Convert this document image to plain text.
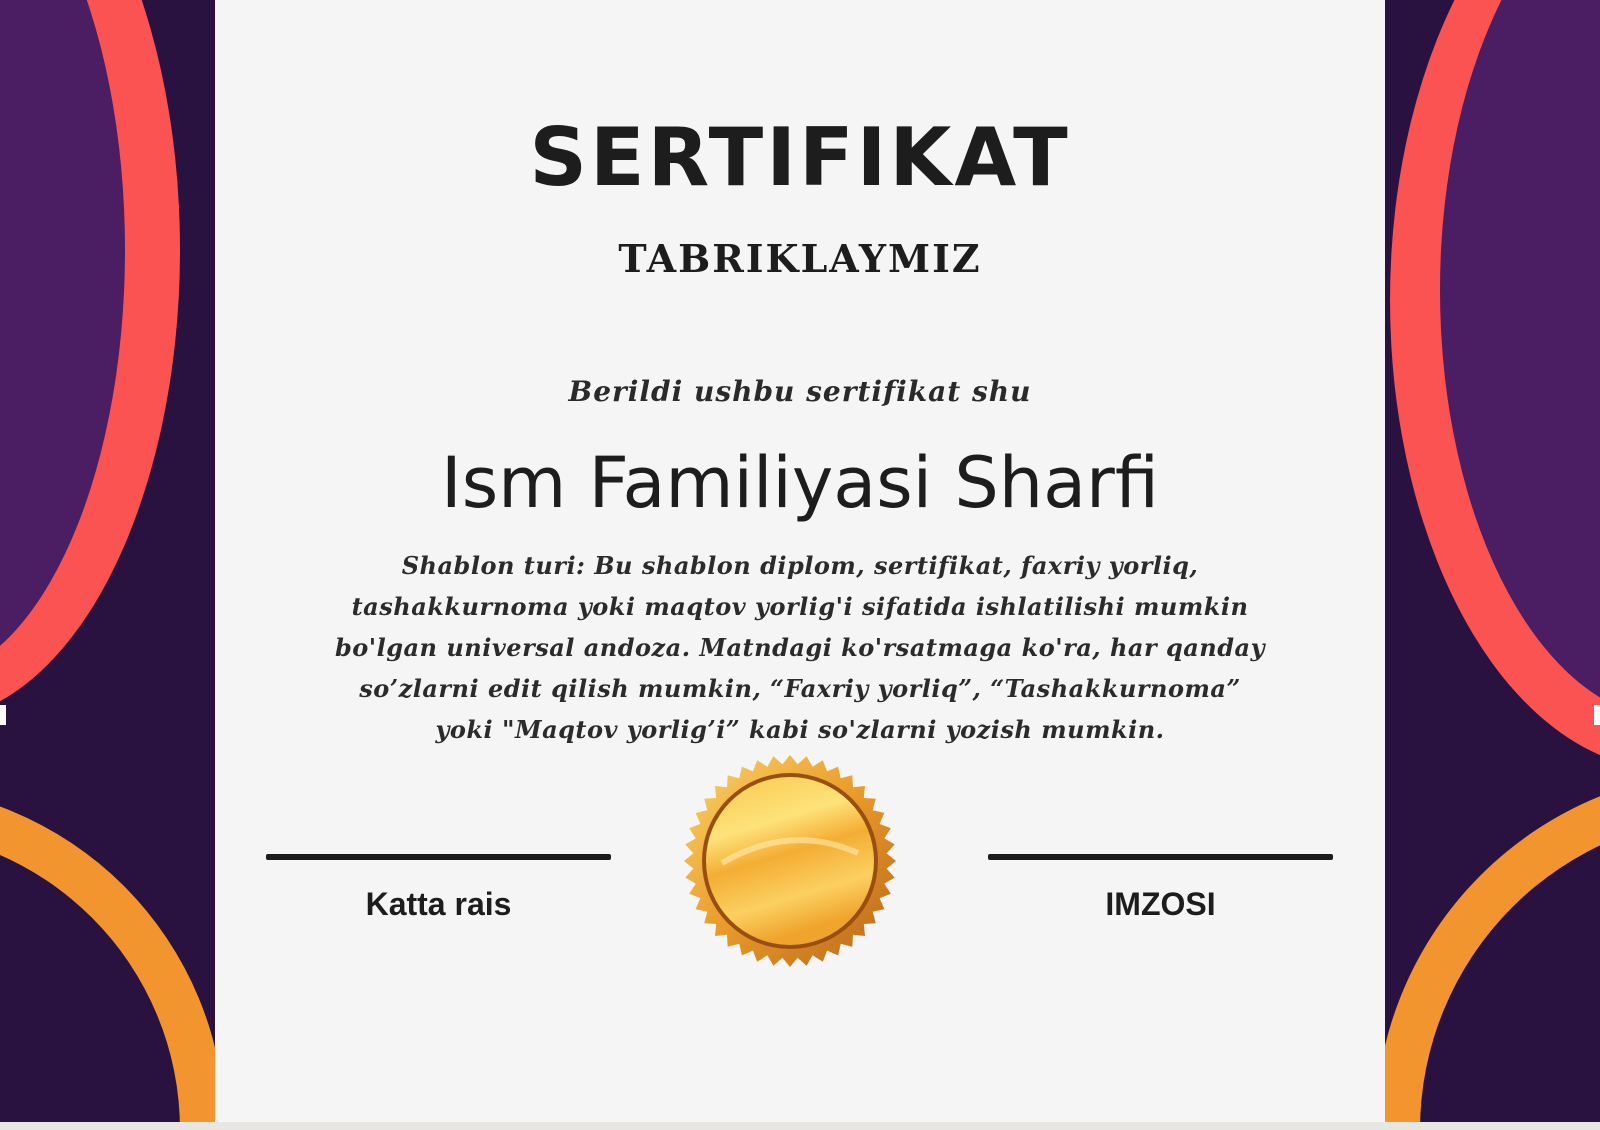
SERTIFIKAT
TABRIKLAYMIZ
Berildi ushbu sertifikat shu
Ism Familiyasi Sharfi
Shablon turi: Bu shablon diplom, sertifikat, faxriy yorliq, tashakkurnoma yoki maqtov yorlig'i sifatida ishlatilishi mumkin bo'lgan universal andoza. Matndagi ko'rsatmaga ko'ra, har qanday so’zlarni edit qilish mumkin, “Faxriy yorliq”, “Tashakkurnoma” yoki "Maqtov yorlig’i” kabi so'zlarni yozish mumkin.
Katta rais	IMZOSI
